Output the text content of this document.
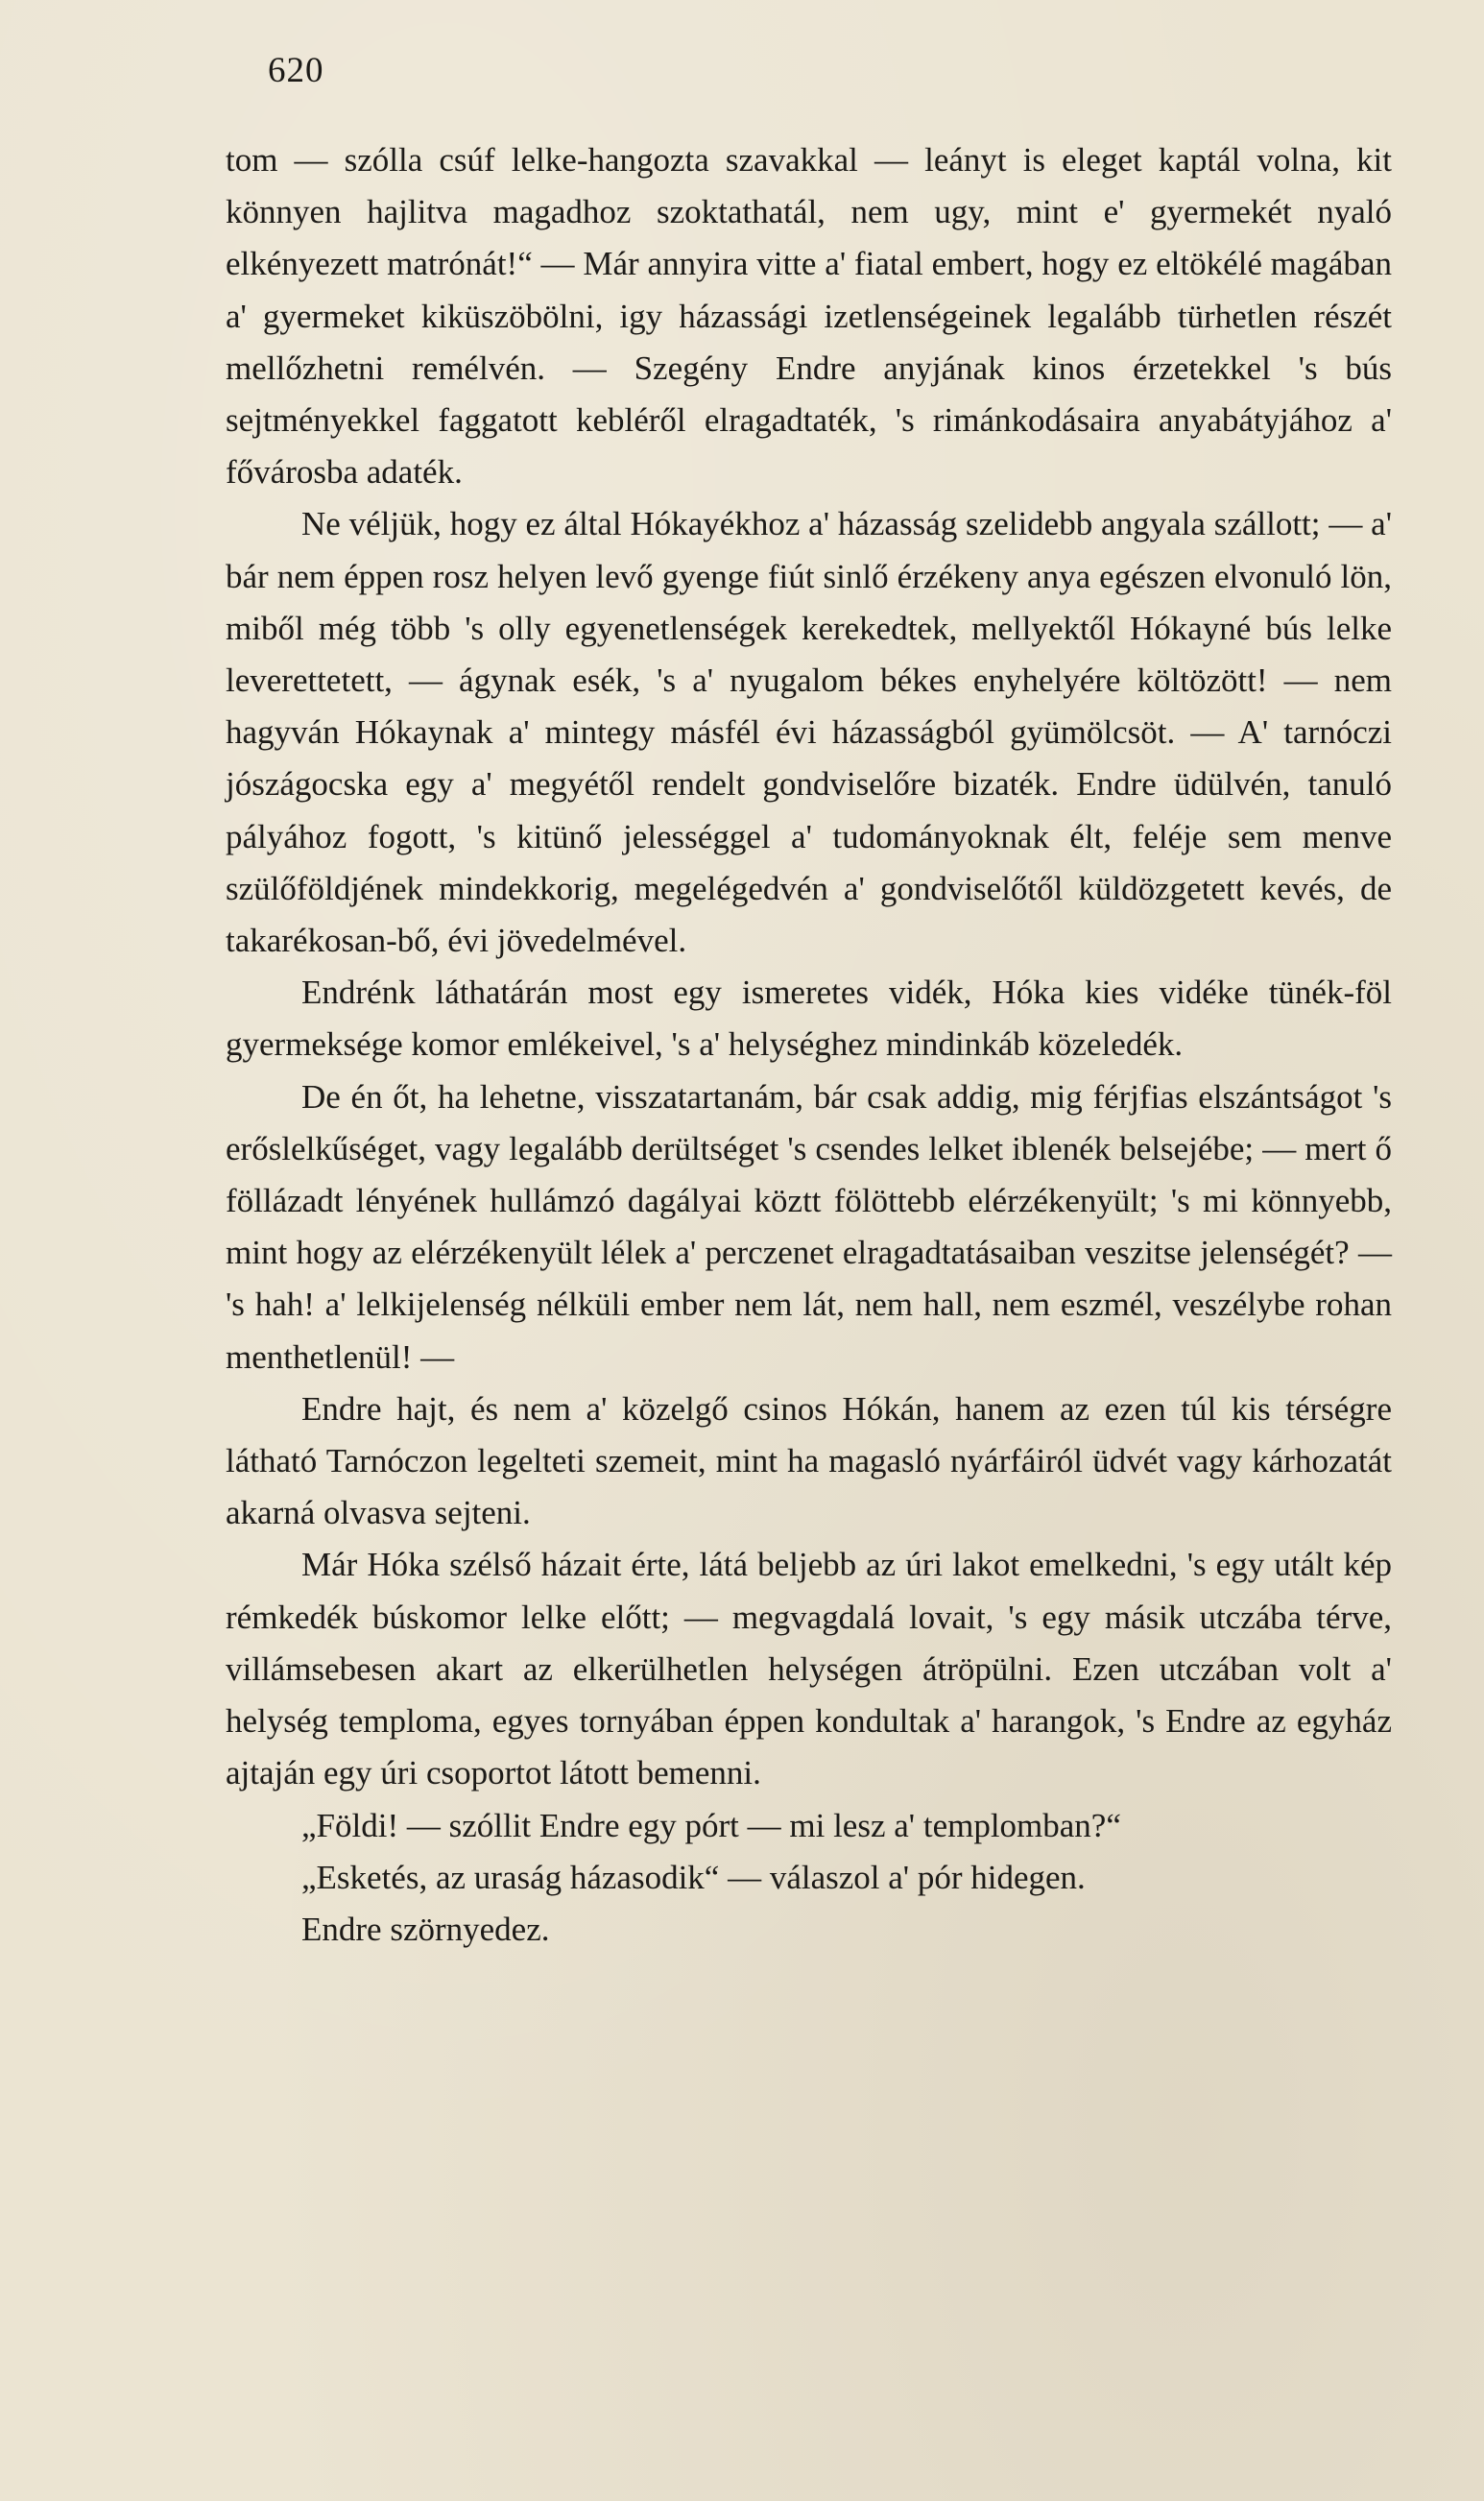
620

tom — szólla csúf lelke-hangozta szavakkal — leányt is eleget kaptál volna, kit könnyen hajlitva magadhoz szoktathatál, nem ugy, mint e' gyermekét nyaló elkényezett matrónát!“ — Már annyira vitte a' fiatal embert, hogy ez eltökélé magában a' gyermeket kiküszöbölni, igy házassági izetlenségeinek legalább türhetlen részét mellőzhetni remélvén. — Szegény Endre anyjának kinos érzetekkel 's bús sejtményekkel faggatott kebléről elragadtaték, 's rimánkodásaira anyabátyjához a' fővárosba adaték.

Ne véljük, hogy ez által Hókayékhoz a' házasság szelidebb angyala szállott; — a' bár nem éppen rosz helyen levő gyenge fiút sinlő érzékeny anya egészen elvonuló lön, miből még több 's olly egyenetlenségek kerekedtek, mellyektől Hókayné bús lelke leverettetett, — ágynak esék, 's a' nyugalom békes enyhelyére költözött! — nem hagyván Hókaynak a' mintegy másfél évi házasságból gyümölcsöt. — A' tarnóczi jószágocska egy a' megyétől rendelt gondviselőre bizaték. Endre üdülvén, tanuló pályához fogott, 's kitünő jelességgel a' tudományoknak élt, feléje sem menve szülőföldjének mindekkorig, megelégedvén a' gondviselőtől küldözgetett kevés, de takarékosan-bő, évi jövedelmével.

Endrénk láthatárán most egy ismeretes vidék, Hóka kies vidéke tünék-föl gyermeksége komor emlékeivel, 's a' helységhez mindinkáb közeledék.

De én őt, ha lehetne, visszatartanám, bár csak addig, mig férjfias elszántságot 's erőslelkűséget, vagy legalább derültséget 's csendes lelket iblenék belsejébe; — mert ő föllázadt lényének hullámzó dagályai köztt fölöttebb elérzékenyült; 's mi könnyebb, mint hogy az elérzékenyült lélek a' perczenet elragadtatásaiban veszitse jelenségét? — 's hah! a' lelkijelenség nélküli ember nem lát, nem hall, nem eszmél, veszélybe rohan menthetlenül! —

Endre hajt, és nem a' közelgő csinos Hókán, hanem az ezen túl kis térségre látható Tarnóczon legelteti szemeit, mint ha magasló nyárfáiról üdvét vagy kárhozatát akarná olvasva sejteni.

Már Hóka szélső házait érte, látá beljebb az úri lakot emelkedni, 's egy utált kép rémkedék búskomor lelke előtt; — megvagdalá lovait, 's egy másik utczába térve, villámsebesen akart az elkerülhetlen helységen átröpülni. Ezen utczában volt a' helység temploma, egyes tornyában éppen kondultak a' harangok, 's Endre az egyház ajtaján egy úri csoportot látott bemenni.

„Földi! — szóllit Endre egy pórt — mi lesz a' templomban?“

„Esketés, az uraság házasodik“ — válaszol a' pór hidegen.

Endre szörnyedez.
